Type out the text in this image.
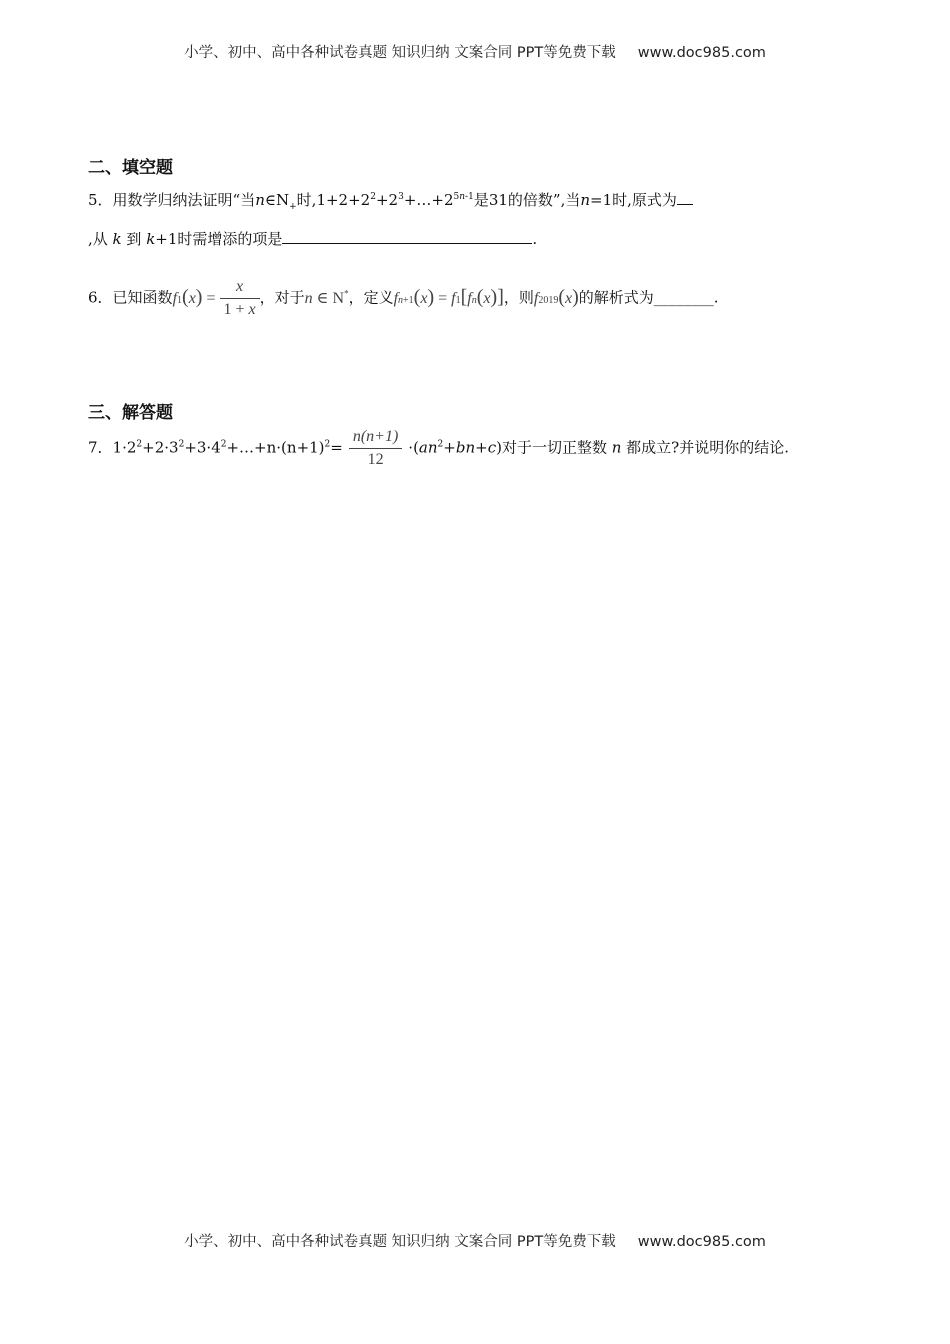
小学、初中、高中各种试卷真题 知识归纳 文案合同 PPT等免费下载 www.doc985.com
二、填空题
5．用数学归纳法证明“当$n\in N_+$时$,1+2+2^2+2^3+\dots+2^{5n-1}$是31的倍数”,当n=1时,原式为
,从 k 到 k+1时需增添的项是	.
6．已知函数$f1(x) = \frac{x}{1 + x}$ ，对于n ∈ N*，定义fn+1(x) = f1[fn(x)]，则f2019(x)的解析式为________.
三、解答题
7．$1\cdot 2^2+2\cdot 3^2+3\cdot 4^2+\dots+n\cdot(n+1)^2= \frac{n(n+1)}{12} \cdot(an^2+bn+c)$对于一切正整数 n 都成立?并说明你的结论.
小学、初中、高中各种试卷真题 知识归纳 文案合同 PPT等免费下载 www.doc985.com
